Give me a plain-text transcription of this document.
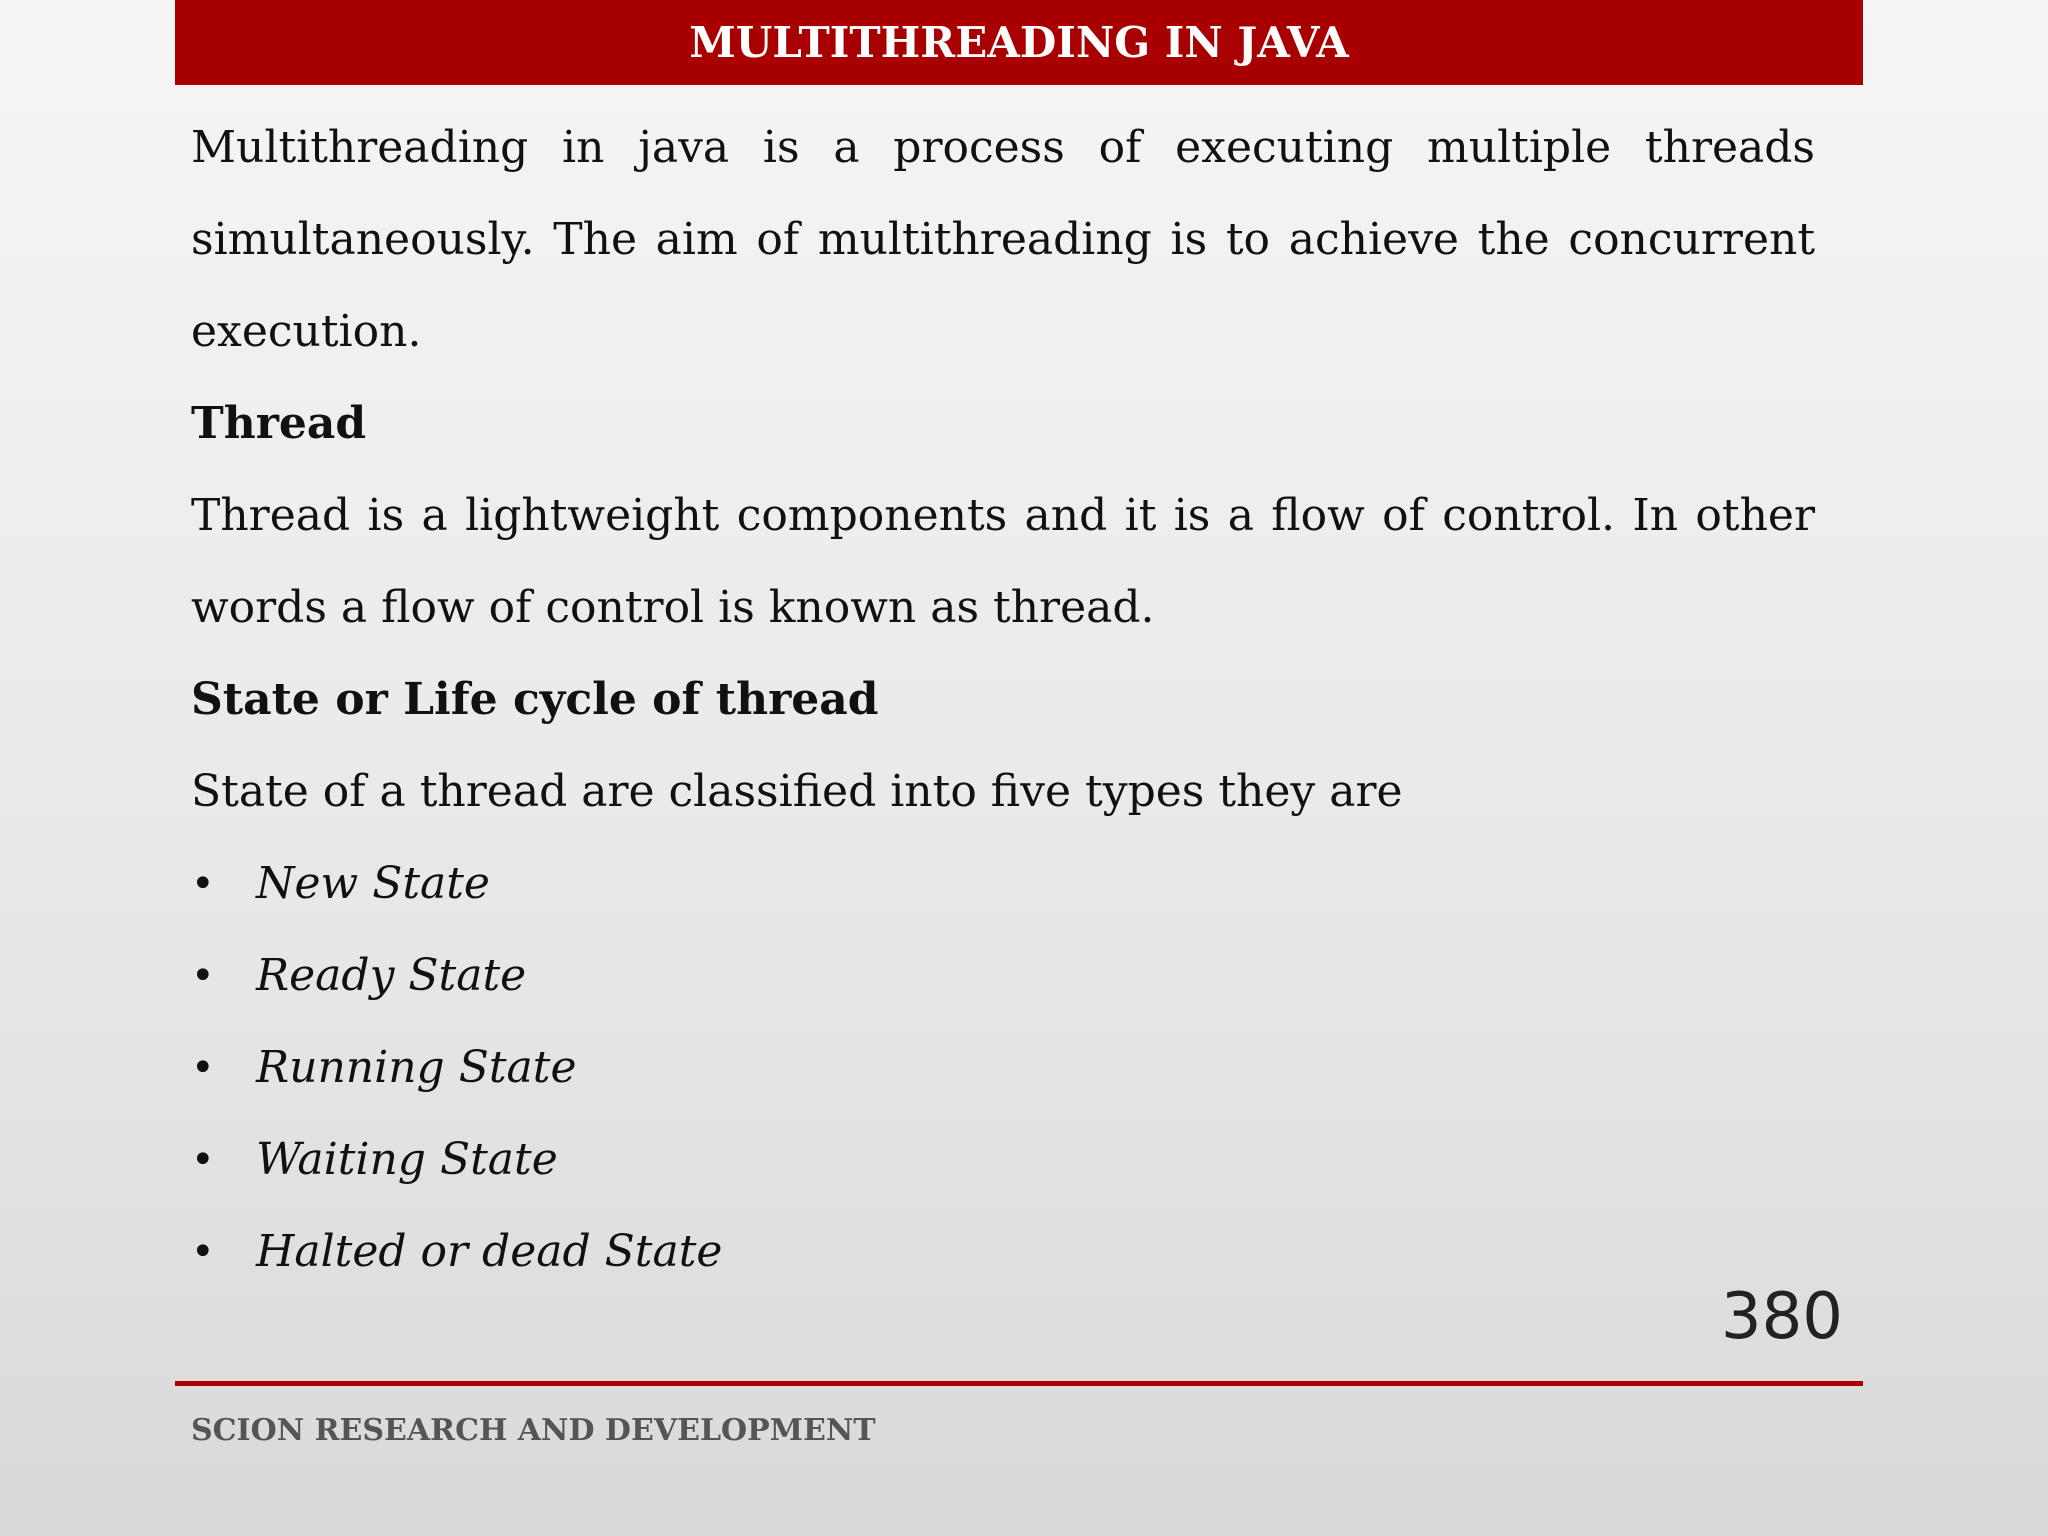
MULTITHREADING IN JAVA

Multithreading in java is a process of executing multiple threads simultaneously. The aim of multithreading is to achieve the concurrent execution.

Thread

Thread is a lightweight components and it is a flow of control. In other words a flow of control is known as thread.

State or Life cycle of thread

State of a thread are classified into five types they are

• New State
• Ready State
• Running State
• Waiting State
• Halted or dead State
380
SCION RESEARCH AND DEVELOPMENT
